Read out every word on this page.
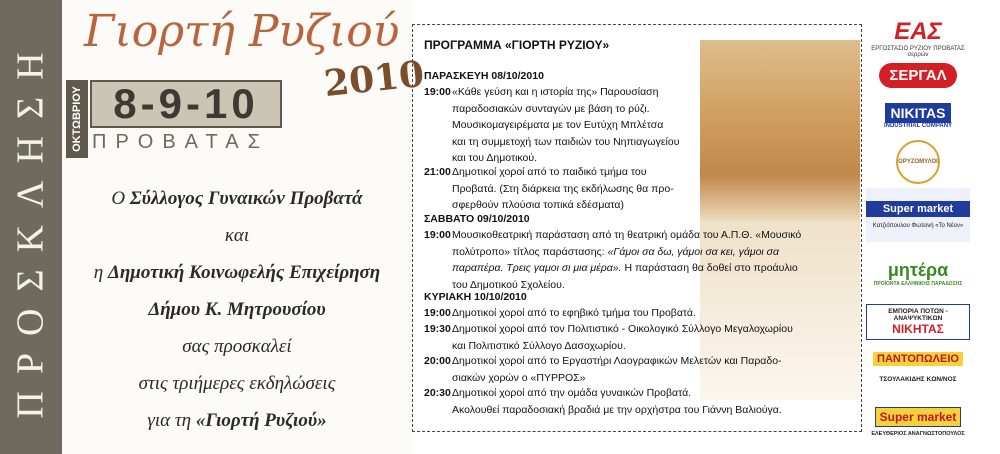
ΠΡΟΣΚΛΗΣΗ
Γιορτή Ρυζιού
2010
ΟΚΤΩΒΡΙΟΥ 8-9-10
ΠΡΟΒΑΤΑΣ
Ο Σύλλογος Γυναικών Προβατά
και
η Δημοτική Κοινωφελής Επιχείρηση
Δήμου Κ. Μητρουσίου
σας προσκαλεί
στις τριήμερες εκδηλώσεις
για τη «Γιορτή Ρυζιού»
ΠΡΟΓΡΑΜΜΑ «ΓΙΟΡΤΗ ΡΥΖΙΟΥ»
ΠΑΡΑΣΚΕΥΗ 08/10/2010
19:00«Κάθε γεύση και η ιστορία της» Παρουσίαση
παραδοσιακών συνταγών με βάση το ρύζι.
Μουσικομαγειρέματα με τον Ευτύχη Μπλέτσα
και τη συμμετοχή των παιδιών του Νηπιαγωγείου
και του Δημοτικού.
21:00Δημοτικοί χοροί από το παιδικό τμήμα του
Προβατά. (Στη διάρκεια της εκδήλωσης θα προ-
σφερθούν πλούσια τοπικά εδέσματα)
ΣΑΒΒΑΤΟ 09/10/2010
19:00Μουσικοθεατρική παράσταση από τη θεατρική ομάδα του Α.Π.Θ. «Μουσικό
πολύτροπο» τίτλος παράστασης: «Γάμοι σα δω, γάμοι σα κει, γάμοι σα
παραπέρα. Τρεις γαμοι σι μια μέρα». Η παράσταση θα δοθεί στο προάυλιο
του Δημοτικού Σχολείου.
ΚΥΡΙΑΚΗ 10/10/2010
19:00Δημοτικοί χοροί από το εφηβικό τμήμα του Προβατά.
19:30Δημοτικοί χοροί από τον Πολιτιστικό - Οικολογικό Σύλλογο Μεγαλοχωρίου
και Πολιτιστικό Σύλλογο Δασοχωρίου.
20:00Δημοτικοί χοροί από το Εργαστήρι Λαογραφικών Μελετών και Παραδο-
σιακών χορών ο «ΠΥΡΡΟΣ»
20:30Δημοτικοί χοροί από την ομάδα γυναικών Προβατά.
Ακολουθεί παραδοσιακή βραδιά με την ορχήστρα του Γιάννη Βαλιούγα.
ΕΑΣ
ΕΡΓΟΣΤΑΣΙΟ ΡΥΖΙΟΥ ΠΡΟΒΑΤΑΣ σερρών
ΣΕΡΓΑΛ
NIKITAS
INDUSTRIAL COMPANY
ΟΡΥΖΟΜΥΛΟΙ
Super market
Κατζιόπουλου Φωτεινή «Το Νέον»
μητέρα
ΠΡΟΪΟΝΤΑ ΕΛΛΗΝΙΚΗΣ ΠΑΡΑΔΟΣΗΣ
ΕΜΠΟΡΙΑ ΠΟΤΩΝ - ΑΝΑΨΥΚΤΙΚΩΝ
ΝΙΚΗΤΑΣ
ΠΑΝΤΟΠΩΛΕΙΟ
ΤΣΟΥΛΑΚΙΔΗΣ ΚΩΝ/ΝΟΣ
Super market
ΕΛΕΥΘΕΡΙΟΣ ΑΝΑΓΝΩΣΤΟΠΟΥΛΟΣ
